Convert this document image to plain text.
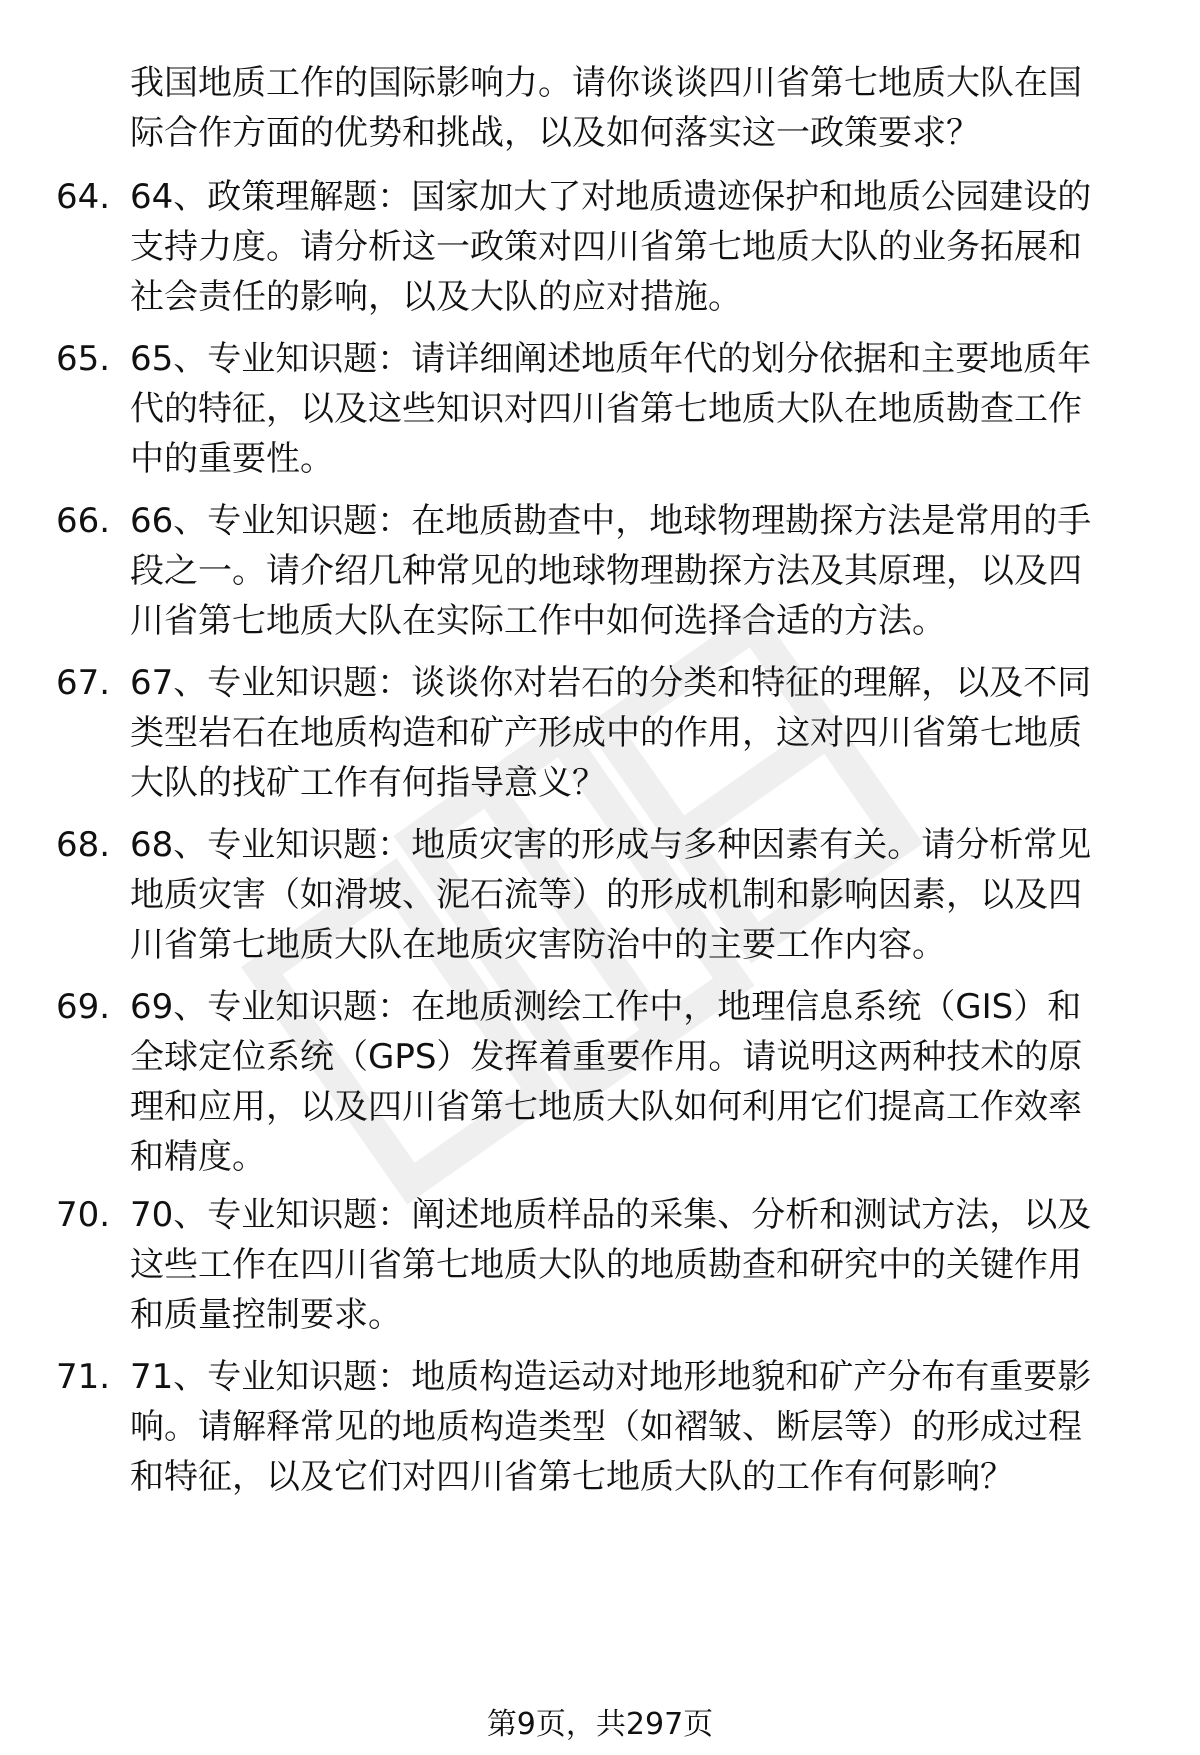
我国地质工作的国际影响力。请你谈谈四川省第七地质大队在国
际合作方面的优势和挑战，以及如何落实这一政策要求？
64. 64、政策理解题：国家加大了对地质遗迹保护和地质公园建设的
支持力度。请分析这一政策对四川省第七地质大队的业务拓展和
社会责任的影响，以及大队的应对措施。
65. 65、专业知识题：请详细阐述地质年代的划分依据和主要地质年
代的特征，以及这些知识对四川省第七地质大队在地质勘查工作
中的重要性。
66. 66、专业知识题：在地质勘查中，地球物理勘探方法是常用的手
段之一。请介绍几种常见的地球物理勘探方法及其原理，以及四
川省第七地质大队在实际工作中如何选择合适的方法。
67. 67、专业知识题：谈谈你对岩石的分类和特征的理解，以及不同
类型岩石在地质构造和矿产形成中的作用，这对四川省第七地质
大队的找矿工作有何指导意义？
68. 68、专业知识题：地质灾害的形成与多种因素有关。请分析常见
地质灾害（如滑坡、泥石流等）的形成机制和影响因素，以及四
川省第七地质大队在地质灾害防治中的主要工作内容。
69. 69、专业知识题：在地质测绘工作中，地理信息系统（GIS）和
全球定位系统（GPS）发挥着重要作用。请说明这两种技术的原
理和应用，以及四川省第七地质大队如何利用它们提高工作效率
和精度。
70. 70、专业知识题：阐述地质样品的采集、分析和测试方法，以及
这些工作在四川省第七地质大队的地质勘查和研究中的关键作用
和质量控制要求。
71. 71、专业知识题：地质构造运动对地形地貌和矿产分布有重要影
响。请解释常见的地质构造类型（如褶皱、断层等）的形成过程
和特征，以及它们对四川省第七地质大队的工作有何影响？
第9页，共297页
